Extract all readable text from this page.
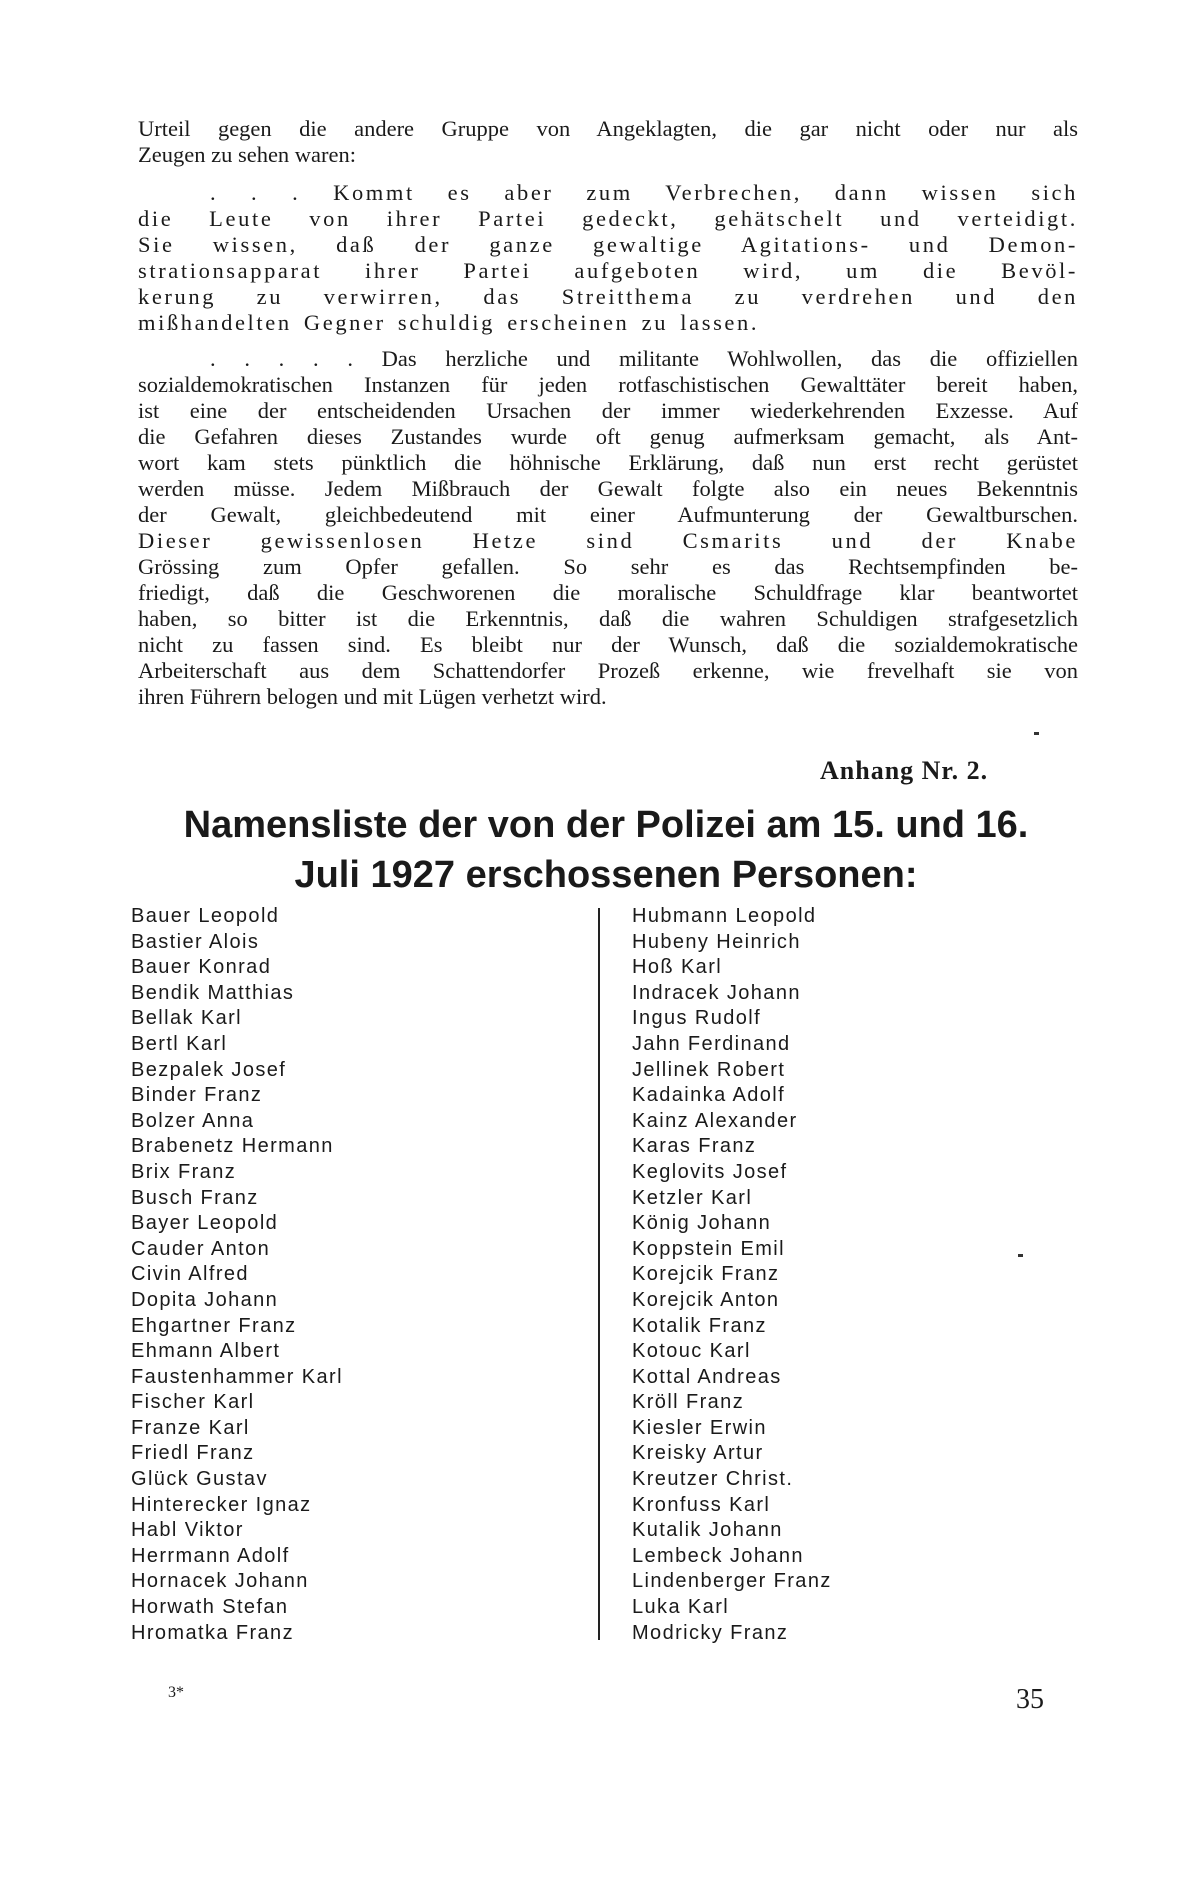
Urteil gegen die andere Gruppe von Angeklagten, die gar nicht oder nur als
Zeugen zu sehen waren:
. . . Kommt es aber zum Verbrechen, dann wissen sich
die Leute von ihrer Partei gedeckt, gehätschelt und verteidigt.
Sie wissen, daß der ganze gewaltige Agitations- und Demon-
strationsapparat ihrer Partei aufgeboten wird, um die Bevöl-
kerung zu verwirren, das Streitthema zu verdrehen und den
mißhandelten Gegner schuldig erscheinen zu lassen.
. . . . . Das herzliche und militante Wohlwollen, das die offiziellen
sozialdemokratischen Instanzen für jeden rotfaschistischen Gewalttäter bereit haben,
ist eine der entscheidenden Ursachen der immer wiederkehrenden Exzesse. Auf
die Gefahren dieses Zustandes wurde oft genug aufmerksam gemacht, als Ant-
wort kam stets pünktlich die höhnische Erklärung, daß nun erst recht gerüstet
werden müsse. Jedem Mißbrauch der Gewalt folgte also ein neues Bekenntnis
der Gewalt, gleichbedeutend mit einer Aufmunterung der Gewaltburschen.
Dieser gewissenlosen Hetze sind Csmarits und der Knabe
Grössing zum Opfer gefallen. So sehr es das Rechtsempfinden be-
friedigt, daß die Geschworenen die moralische Schuldfrage klar beantwortet
haben, so bitter ist die Erkenntnis, daß die wahren Schuldigen strafgesetzlich
nicht zu fassen sind. Es bleibt nur der Wunsch, daß die sozialdemokratische
Arbeiterschaft aus dem Schattendorfer Prozeß erkenne, wie frevelhaft sie von
ihren Führern belogen und mit Lügen verhetzt wird.
Anhang Nr. 2.
Namensliste der von der Polizei am 15. und 16.
Juli 1927 erschossenen Personen:
Bauer Leopold
Bastier Alois
Bauer Konrad
Bendik Matthias
Bellak Karl
Bertl Karl
Bezpalek Josef
Binder Franz
Bolzer Anna
Brabenetz Hermann
Brix Franz
Busch Franz
Bayer Leopold
Cauder Anton
Civin Alfred
Dopita Johann
Ehgartner Franz
Ehmann Albert
Faustenhammer Karl
Fischer Karl
Franze Karl
Friedl Franz
Glück Gustav
Hinterecker Ignaz
Habl Viktor
Herrmann Adolf
Hornacek Johann
Horwath Stefan
Hromatka Franz
Hubmann Leopold
Hubeny Heinrich
Hoß Karl
Indracek Johann
Ingus Rudolf
Jahn Ferdinand
Jellinek Robert
Kadainka Adolf
Kainz Alexander
Karas Franz
Keglovits Josef
Ketzler Karl
König Johann
Koppstein Emil
Korejcik Franz
Korejcik Anton
Kotalik Franz
Kotouc Karl
Kottal Andreas
Kröll Franz
Kiesler Erwin
Kreisky Artur
Kreutzer Christ.
Kronfuss Karl
Kutalik Johann
Lembeck Johann
Lindenberger Franz
Luka Karl
Modricky Franz
3*	35
